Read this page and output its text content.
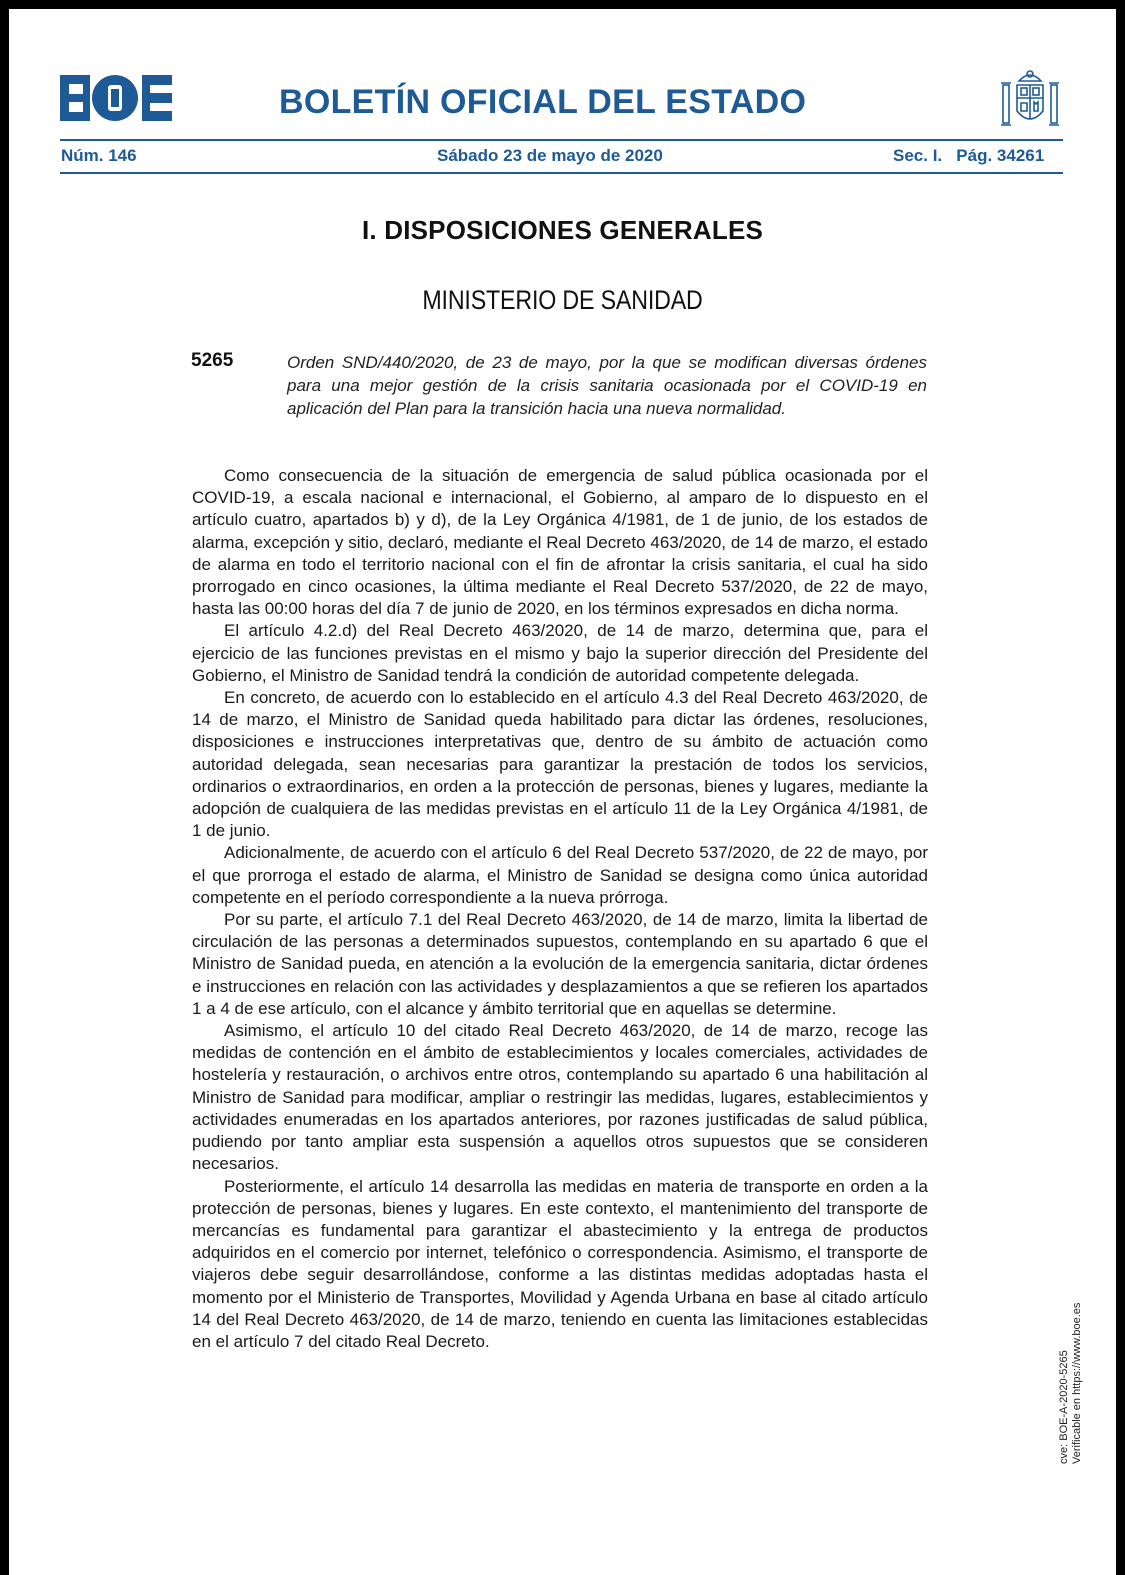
BOLETÍN OFICIAL DEL ESTADO
Núm. 146	Sábado 23 de mayo de 2020	Sec. I.   Pág. 34261
I. DISPOSICIONES GENERALES
MINISTERIO DE SANIDAD
5265	Orden SND/440/2020, de 23 de mayo, por la que se modifican diversas órdenes para una mejor gestión de la crisis sanitaria ocasionada por el COVID-19 en aplicación del Plan para la transición hacia una nueva normalidad.

Como consecuencia de la situación de emergencia de salud pública ocasionada por el COVID-19, a escala nacional e internacional, el Gobierno, al amparo de lo dispuesto en el artículo cuatro, apartados b) y d), de la Ley Orgánica 4/1981, de 1 de junio, de los estados de alarma, excepción y sitio, declaró, mediante el Real Decreto 463/2020, de 14 de marzo, el estado de alarma en todo el territorio nacional con el fin de afrontar la crisis sanitaria, el cual ha sido prorrogado en cinco ocasiones, la última mediante el Real Decreto 537/2020, de 22 de mayo, hasta las 00:00 horas del día 7 de junio de 2020, en los términos expresados en dicha norma.

El artículo 4.2.d) del Real Decreto 463/2020, de 14 de marzo, determina que, para el ejercicio de las funciones previstas en el mismo y bajo la superior dirección del Presidente del Gobierno, el Ministro de Sanidad tendrá la condición de autoridad competente delegada.

En concreto, de acuerdo con lo establecido en el artículo 4.3 del Real Decreto 463/2020, de 14 de marzo, el Ministro de Sanidad queda habilitado para dictar las órdenes, resoluciones, disposiciones e instrucciones interpretativas que, dentro de su ámbito de actuación como autoridad delegada, sean necesarias para garantizar la prestación de todos los servicios, ordinarios o extraordinarios, en orden a la protección de personas, bienes y lugares, mediante la adopción de cualquiera de las medidas previstas en el artículo 11 de la Ley Orgánica 4/1981, de 1 de junio.

Adicionalmente, de acuerdo con el artículo 6 del Real Decreto 537/2020, de 22 de mayo, por el que prorroga el estado de alarma, el Ministro de Sanidad se designa como única autoridad competente en el período correspondiente a la nueva prórroga.

Por su parte, el artículo 7.1 del Real Decreto 463/2020, de 14 de marzo, limita la libertad de circulación de las personas a determinados supuestos, contemplando en su apartado 6 que el Ministro de Sanidad pueda, en atención a la evolución de la emergencia sanitaria, dictar órdenes e instrucciones en relación con las actividades y desplazamientos a que se refieren los apartados 1 a 4 de ese artículo, con el alcance y ámbito territorial que en aquellas se determine.

Asimismo, el artículo 10 del citado Real Decreto 463/2020, de 14 de marzo, recoge las medidas de contención en el ámbito de establecimientos y locales comerciales, actividades de hostelería y restauración, o archivos entre otros, contemplando su apartado 6 una habilitación al Ministro de Sanidad para modificar, ampliar o restringir las medidas, lugares, establecimientos y actividades enumeradas en los apartados anteriores, por razones justificadas de salud pública, pudiendo por tanto ampliar esta suspensión a aquellos otros supuestos que se consideren necesarios.

Posteriormente, el artículo 14 desarrolla las medidas en materia de transporte en orden a la protección de personas, bienes y lugares. En este contexto, el mantenimiento del transporte de mercancías es fundamental para garantizar el abastecimiento y la entrega de productos adquiridos en el comercio por internet, telefónico o correspondencia. Asimismo, el transporte de viajeros debe seguir desarrollándose, conforme a las distintas medidas adoptadas hasta el momento por el Ministerio de Transportes, Movilidad y Agenda Urbana en base al citado artículo 14 del Real Decreto 463/2020, de 14 de marzo, teniendo en cuenta las limitaciones establecidas en el artículo 7 del citado Real Decreto.

cve: BOE-A-2020-5265 Verificable en https://www.boe.es
